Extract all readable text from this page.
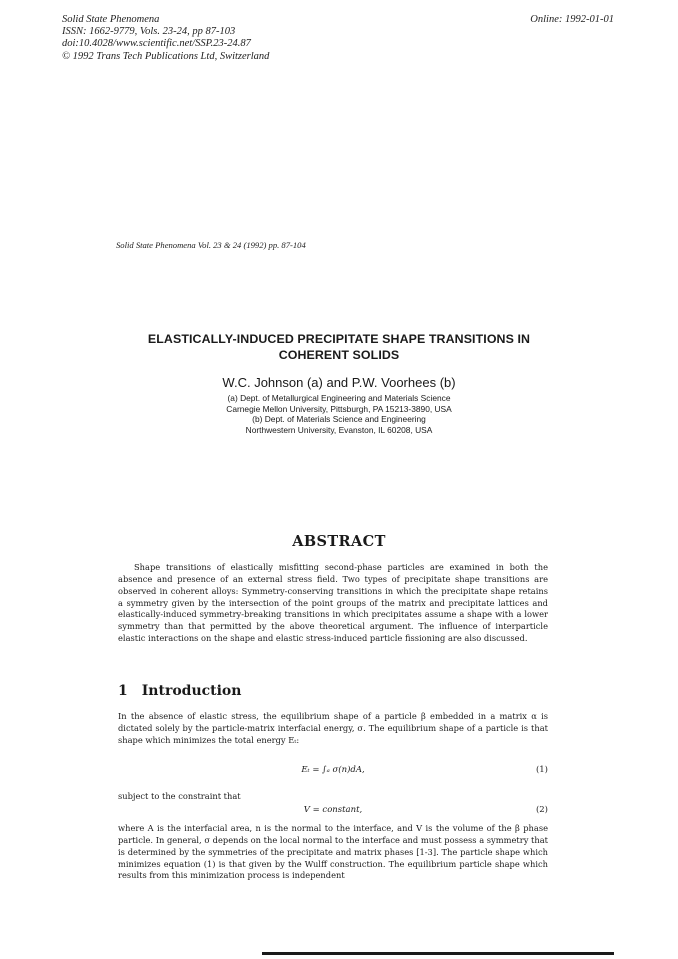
Solid State Phenomena
ISSN: 1662-9779, Vols. 23-24, pp 87-103
doi:10.4028/www.scientific.net/SSP.23-24.87
© 1992 Trans Tech Publications Ltd, Switzerland
Online: 1992-01-01
Solid State Phenomena Vol. 23 & 24 (1992) pp. 87-104
ELASTICALLY-INDUCED PRECIPITATE SHAPE TRANSITIONS IN
COHERENT SOLIDS
W.C. Johnson (a) and P.W. Voorhees (b)
(a) Dept. of Metallurgical Engineering and Materials Science
Carnegie Mellon University, Pittsburgh, PA 15213-3890, USA
(b) Dept. of Materials Science and Engineering
Northwestern University, Evanston, IL 60208, USA
ABSTRACT
Shape transitions of elastically misfitting second-phase particles are examined in both the absence and presence of an external stress field. Two types of precipitate shape transitions are observed in coherent alloys: Symmetry-conserving transitions in which the precipitate shape retains a symmetry given by the intersection of the point groups of the matrix and precipitate lattices and elastically-induced symmetry-breaking transitions in which precipitates assume a shape with a lower symmetry than that permitted by the above theoretical argument. The influence of interparticle elastic interactions on the shape and elastic stress-induced particle fissioning are also discussed.
1 Introduction
In the absence of elastic stress, the equilibrium shape of a particle β embedded in a matrix α is dictated solely by the particle-matrix interfacial energy, σ. The equilibrium shape of a particle is that shape which minimizes the total energy Eₜ:
Eₜ = ∫ₐ σ(n)dA,	(1)
subject to the constraint that
V = constant,	(2)
where A is the interfacial area, n is the normal to the interface, and V is the volume of the β phase particle. In general, σ depends on the local normal to the interface and must possess a symmetry that is determined by the symmetries of the precipitate and matrix phases [1-3]. The particle shape which minimizes equation (1) is that given by the Wulff construction. The equilibrium particle shape which results from this minimization process is independent
